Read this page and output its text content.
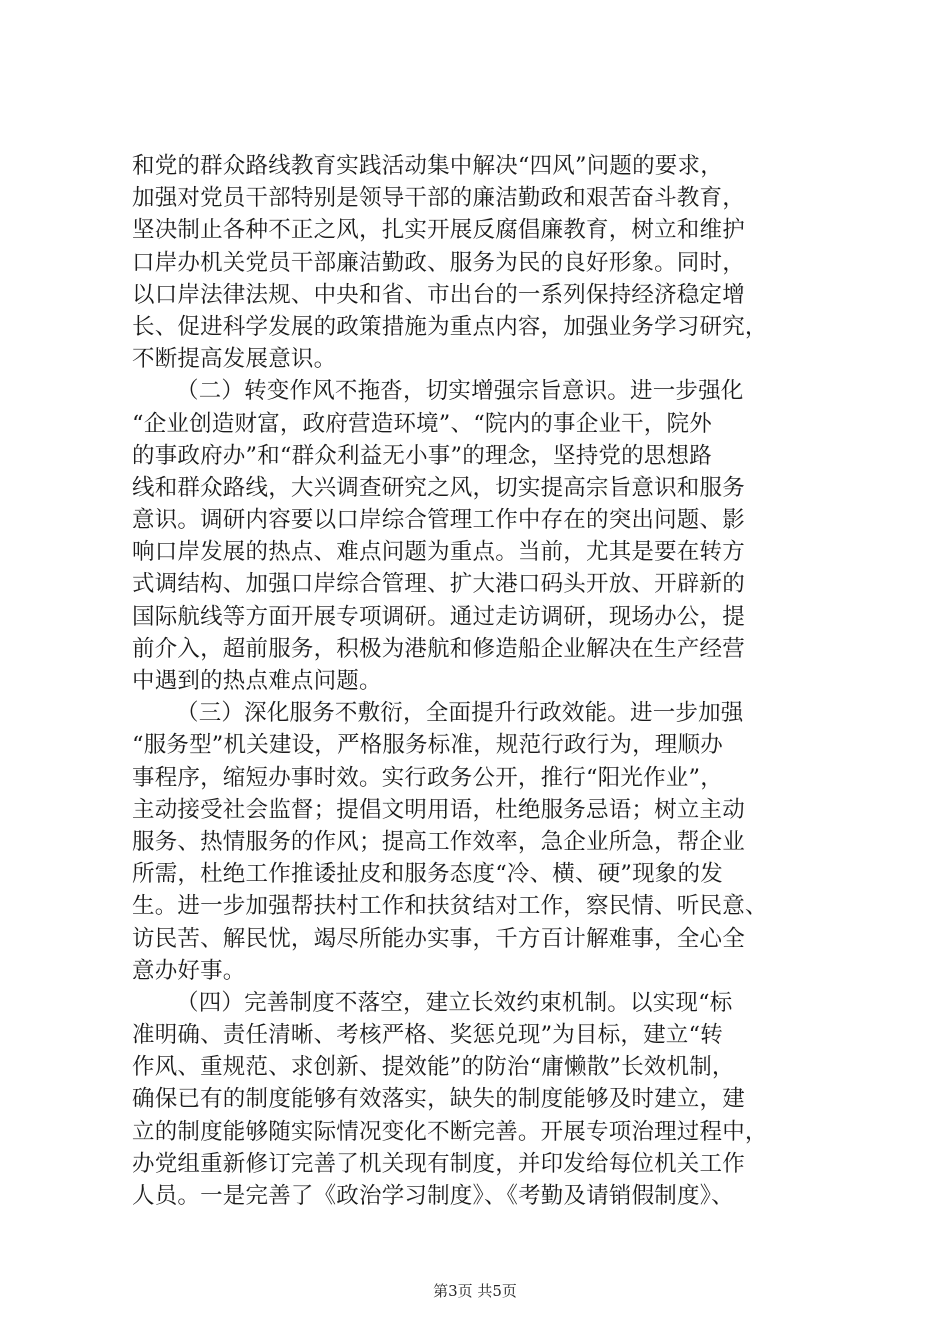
和党的群众路线教育实践活动集中解决“四风”问题的要求，
加强对党员干部特别是领导干部的廉洁勤政和艰苦奋斗教育，
坚决制止各种不正之风，扎实开展反腐倡廉教育，树立和维护
口岸办机关党员干部廉洁勤政、服务为民的良好形象。同时，
以口岸法律法规、中央和省、市出台的一系列保持经济稳定增
长、促进科学发展的政策措施为重点内容，加强业务学习研究，
不断提高发展意识。
（二）转变作风不拖沓，切实增强宗旨意识。进一步强化
“企业创造财富，政府营造环境”、“院内的事企业干，院外
的事政府办”和“群众利益无小事”的理念，坚持党的思想路
线和群众路线，大兴调查研究之风，切实提高宗旨意识和服务
意识。调研内容要以口岸综合管理工作中存在的突出问题、影
响口岸发展的热点、难点问题为重点。当前，尤其是要在转方
式调结构、加强口岸综合管理、扩大港口码头开放、开辟新的
国际航线等方面开展专项调研。通过走访调研，现场办公，提
前介入，超前服务，积极为港航和修造船企业解决在生产经营
中遇到的热点难点问题。
（三）深化服务不敷衍，全面提升行政效能。进一步加强
“服务型”机关建设，严格服务标准，规范行政行为，理顺办
事程序，缩短办事时效。实行政务公开，推行“阳光作业”，
主动接受社会监督；提倡文明用语，杜绝服务忌语；树立主动
服务、热情服务的作风；提高工作效率，急企业所急，帮企业
所需，杜绝工作推诿扯皮和服务态度“冷、横、硬”现象的发
生。进一步加强帮扶村工作和扶贫结对工作，察民情、听民意、
访民苦、解民忧，竭尽所能办实事，千方百计解难事，全心全
意办好事。
（四）完善制度不落空，建立长效约束机制。以实现“标
准明确、责任清晰、考核严格、奖惩兑现”为目标，建立“转
作风、重规范、求创新、提效能”的防治“庸懒散”长效机制，
确保已有的制度能够有效落实，缺失的制度能够及时建立，建
立的制度能够随实际情况变化不断完善。开展专项治理过程中，
办党组重新修订完善了机关现有制度，并印发给每位机关工作
人员。一是完善了《政治学习制度》、《考勤及请销假制度》、
第3页 共5页
